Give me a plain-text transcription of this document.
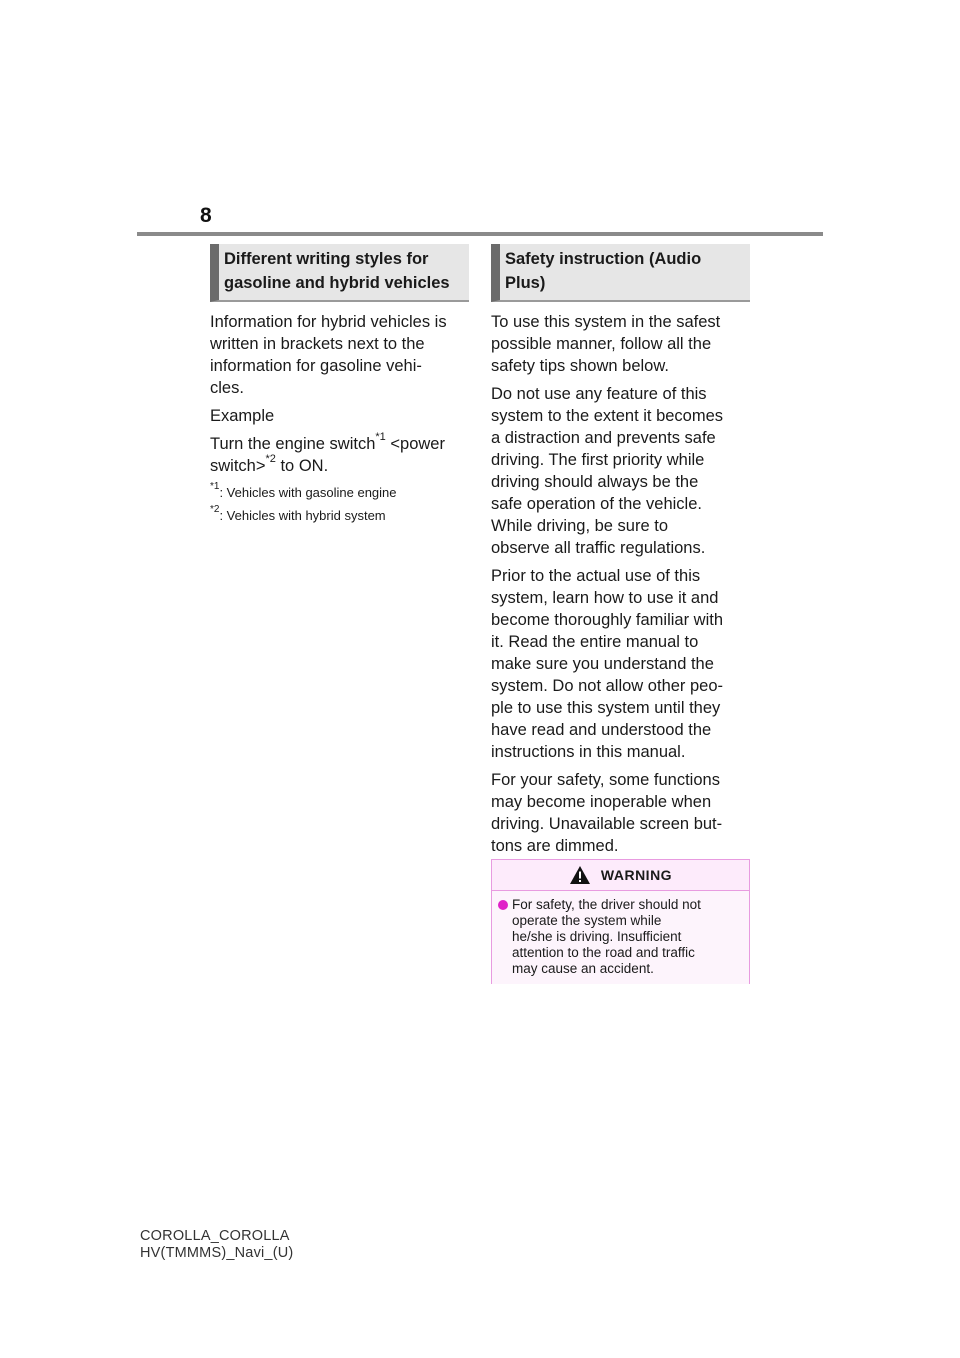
8
Different writing styles for
gasoline and hybrid vehicles

Information for hybrid vehicles is
written in brackets next to the
information for gasoline vehi-
cles.

Example

Turn the engine switch$^{*1}$ <power
switch>$^{*2}$ to ON.

$^{*1}$: Vehicles with gasoline engine

$^{*2}$: Vehicles with hybrid system

Safety instruction (Audio
Plus)

To use this system in the safest
possible manner, follow all the
safety tips shown below.

Do not use any feature of this
system to the extent it becomes
a distraction and prevents safe
driving. The first priority while
driving should always be the
safe operation of the vehicle.
While driving, be sure to
observe all traffic regulations.

Prior to the actual use of this
system, learn how to use it and
become thoroughly familiar with
it. Read the entire manual to
make sure you understand the
system. Do not allow other peo-
ple to use this system until they
have read and understood the
instructions in this manual.

For your safety, some functions
may become inoperable when
driving. Unavailable screen but-
tons are dimmed.

WARNING

For safety, the driver should not
operate the system while
he/she is driving. Insufficient
attention to the road and traffic
may cause an accident.

COROLLA_COROLLA
HV(TMMMS)_Navi_(U)
